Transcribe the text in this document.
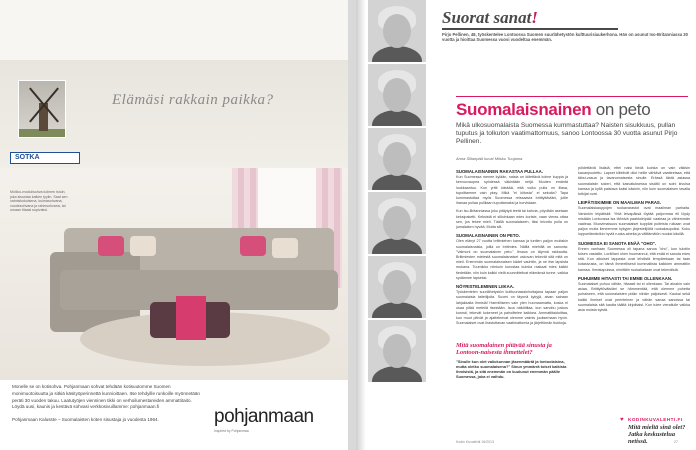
SOTKA
Elämäsi rakkain paikka?
Mollico-modulisohva kolmen istuin, joka sisustaa kaiken tyylin. Saat sen valmiskokoisena, kulmasohvana, vuodesohvana ja rahinsohvana, tai omaan tilaasi sopivaksi.

Monelle se on kotisohva. Pohjanmaan sohvat tehdään kotisuutomme Suomen monimuotoisuutta ja sitkiä käsityöperinnettä kunnioittaen. Itse tehdyille runkoille myönnetään peräti 30 vuoden takuu. Laatutyöjen vienninen tikki on verhoilumestareiden ammattitaito. Löydä uusi, kaunis ja kestävä sohvasi verkkosivuillamme: pohjanmaan.fi

Pohjanmaan Kalusste – Suomalaisten koten sisustaja jo vuodesta 1964.	pohjanmaan
Inspired by Pohjanmaa
Suorat sanat!
Pirjo Pellinen, 48, työskentelee Lontoossa Suomen suurlähetystön kulttuurisiaukerhona. Hän on asunut Iso-Britanniassa 30 vuotta ja hioittaa Suomessa vuosi vuodeltaa enemmän.
Suomalaisnainen on peto
Mikä ulkosuomalaista Suomessa kummastuttaa? Naisten sisukkuus, pullan tuputus ja tolkuton vaatimattomuus, sanoo Lontoossa 30 vuotta asunut Pirjo Pellinen.
Anna Sillanpää kuvat Miisku Tuujama
SUOMALAISNAINEN RAKASTAA PULLAA.

Kun Suomessa menee kylään, naisia on kiitettävä kolme kuppia ja kervuuvaopea syödessä väkintään neljä. Muuten emäntä loukkaantuu. Kun yritti käskää, että voiko pulla on illasa, tupoittamme vain yksy. Mikä "ei kiitosta" ei sekoita? Tapa kummastuttaa myös Suomessa reissaavia britityttäviäni, joille ihanaa pullaa pullilaan tuputtamaksi ja korvistaan.

Kun Iso-Britanniassa joku pitäytyä teetä tai kahvia, pöydään asetaan keksipaketti. Keksistä ei silloinkaan edes koriste, vaan vieras ottaa sen, jos tekee mieli. Täällä suomalaiseen, tiksi leivottu pulla on jumalaisen hyvää. Mutta siit.

SUOMALAISNAINEN ON PETO.

Olen elänyt 27 vuotta britimiehen kanssa ja tuntien paljon muitakin suomalaisnaisia, joilla on britimies. Näillä miehillä on sanonta: "Valmoni on suomalainen peto." Ilmaus on täynnä rakkautta. Britimiesten mielestä suomalaisnaiset uskovan tekevät sitä mitä on mieli. Enemmän suomalaisnaisen kädet vauhtiin, ja ne itse lapsista mukana. Tuumikko niinkuin korostaa kuinka raskaat mies kaikki tiedetään, niin kuin kaikki vielä suunnittelivat elämänsä tunne, vaikka sydämme lapseksi.

NÖYRISTELEMINEN LIIKAA.

Työskentelen suurlähetystön kulttuuriasiainhoitajana tapaan paljon suomalaisia taiteilijoita. Suomi on täynnä kykyjä, aivan sairaan lahjakkaita ihmisiä! Harmilliseen vain ylen huomaamatta, koska ei osaa pitää meteliä itsestään. Isoa näköttilaa, kun sanottu joskus korosti, tekevät kokeneet ja pahoittelee kaikkea. Ammattitaidoittaa, kun muut pitivät ja ajatteleevat olemme valmis juoksemaan hyvin. Suomalaiset ovat ihastuttavan vaatimattomia ja järjettömän tiukkoja.

pöldettäviä lisäsiä, ettei naisi tiedä kuinka on vain väkisin kauanpuutettu. Lapset kiitelivät ollut heille vähtävä vaatteelsaa, että täksi-vasua ja tavanomaisesta sinulle. Erässä tästä asiassa suomalaisiin sokeri, että kasvatuksessa sisältö on soini kivuisa kanssa ja kyllä paistava kaksi käsinin, niin kuin suomalaisen tavalla tutkijat ovat.

LEIPÄTISKIMME ON MAAILMAN PARAS.

Suomalaiskauppojen ruokavarastot ovat maailman parhaita. Varsinkin leipätiskit. Yhtä leivapäksä löytää paljonmaa eli löydy mistään Lontoossa isa tähnivä paahtoleipää: vaaleaa ja vähemmän vaaleaa. Muovimaisuus suomalaiset kuppilat puiteista ruikaan ovat paljon muita lieneemme kykyjen järjestelijöitä ruokakaupoiksi. Koko loppuelämänikin hyviä ruoka-aineita ja välttämätön nuoksi käsillä.

SUOMESSA EI SANOTA ENÄÄ "OHO".

Ennen vanhaan Suomessa oli tapana sanoa "oho", kun tulotiin toisen vastaiile. Lontillani ohen huomannut, että enää ei sanota edes sitä. Kun aikuiset lappasta ovat lehdistä lempärekaan tai taas kotasivusta, on tämä ihmeellisesti kummallista kaikkien ammattiin kanssa. Ihmislapuissa, nimittäin ruokakadaan ovat tekeväisiä.

PUHUMME HITAASTI TAI EMME OLLENKAAN.

Suomalaiset puhuu vähän, hitaasti tai ei ollenkaan. Tai ainakin vain asiaa. Britityttöväisiäni se hämmentää, että olemme puhetta puhaiseen, että suomalaisten pidän niinkin paljoisesti. Kaukai sekä kaikki ihmiset ovat perinteinen ja vähän sanaa sanoissa tai suomalaisia sitä kautta täältä kirjoittaisi. Kun tulee vierailulle vaikka asia muista syistä.

Mitä suomalainen pitävää sinusta ja Lontoon-naisesta ihmettelet?
"Sinulle kun olet valiokunnan jäsenmäärät ja lontoolaisina, mutta oletko suomalaisena?" Sinun ymmärrä toiset kaikista ihmisistä, ja sitä enemmän on kuulunut enemmän päälle Suomessa, joka ei vaihdu.
♥ KODINKUVALEHTI.FI
Mitä mieltä sinä olet? Jatka keskustelua netissä.
Kodin Kuvalehti 16/2013	27
